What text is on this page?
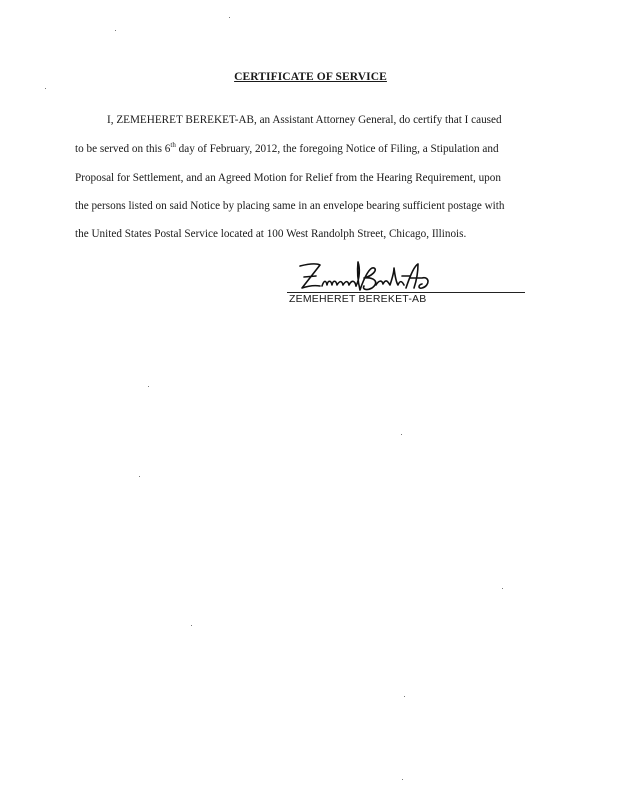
CERTIFICATE OF SERVICE
I, ZEMEHERET BEREKET-AB, an Assistant Attorney General, do certify that I caused
to be served on this 6th day of February, 2012, the foregoing Notice of Filing, a Stipulation and
Proposal for Settlement, and an Agreed Motion for Relief from the Hearing Requirement, upon
the persons listed on said Notice by placing same in an envelope bearing sufficient postage with
the United States Postal Service located at 100 West Randolph Street, Chicago, Illinois.
ZEMEHERET BEREKET-AB
